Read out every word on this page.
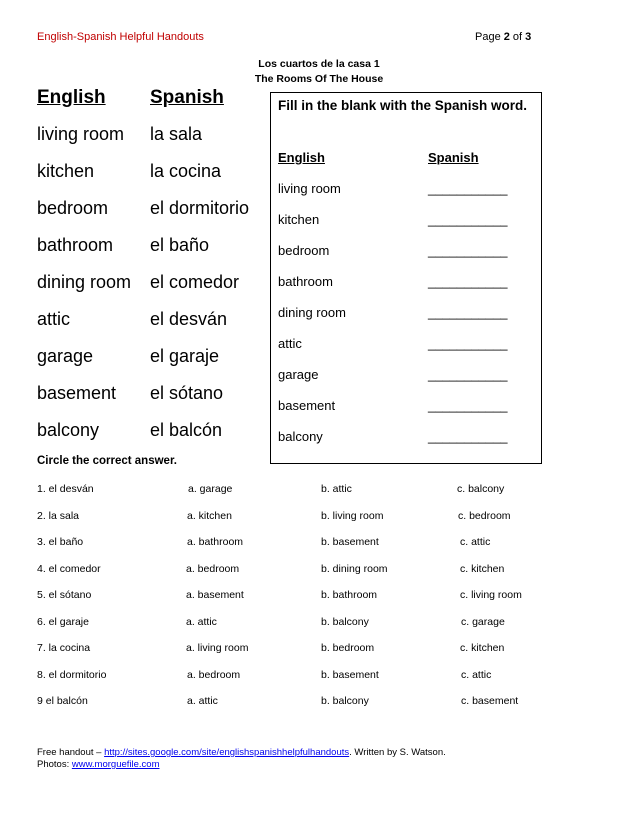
English-Spanish Helpful Handouts	Page 2 of 3
Los cuartos de la casa 1
The Rooms Of The House
English Spanish
living room la sala
kitchen	la cocina
bedroom el dormitorio
bathroom el baño
dining room el comedor
attic	el desván
garage	el garaje
basement el sótano
balcony	el balcón
Fill in the blank with the Spanish word.
English	Spanish
living room	___________
kitchen	___________
bedroom	___________
bathroom	___________
dining room	___________
attic	___________
garage	___________
basement	___________
balcony	___________
Circle the correct answer.
1. el desván	a. garage	b. attic	c. balcony
2. la sala	a. kitchen	b. living room	c. bedroom
3. el baño	a. bathroom	b. basement	c. attic
4. el comedor	a. bedroom	b. dining room	c. kitchen
5. el sótano	a. basement	b. bathroom	c. living room
6. el garaje	a. attic	b. balcony	c. garage
7. la cocina	a. living room	b. bedroom	c. kitchen
8. el dormitorio	a. bedroom	b. basement	c. attic
9 el balcón	a. attic	b. balcony	c. basement
Free handout – http://sites.google.com/site/englishspanishhelpfulhandouts. Written by S. Watson.
Photos: www.morguefile.com
